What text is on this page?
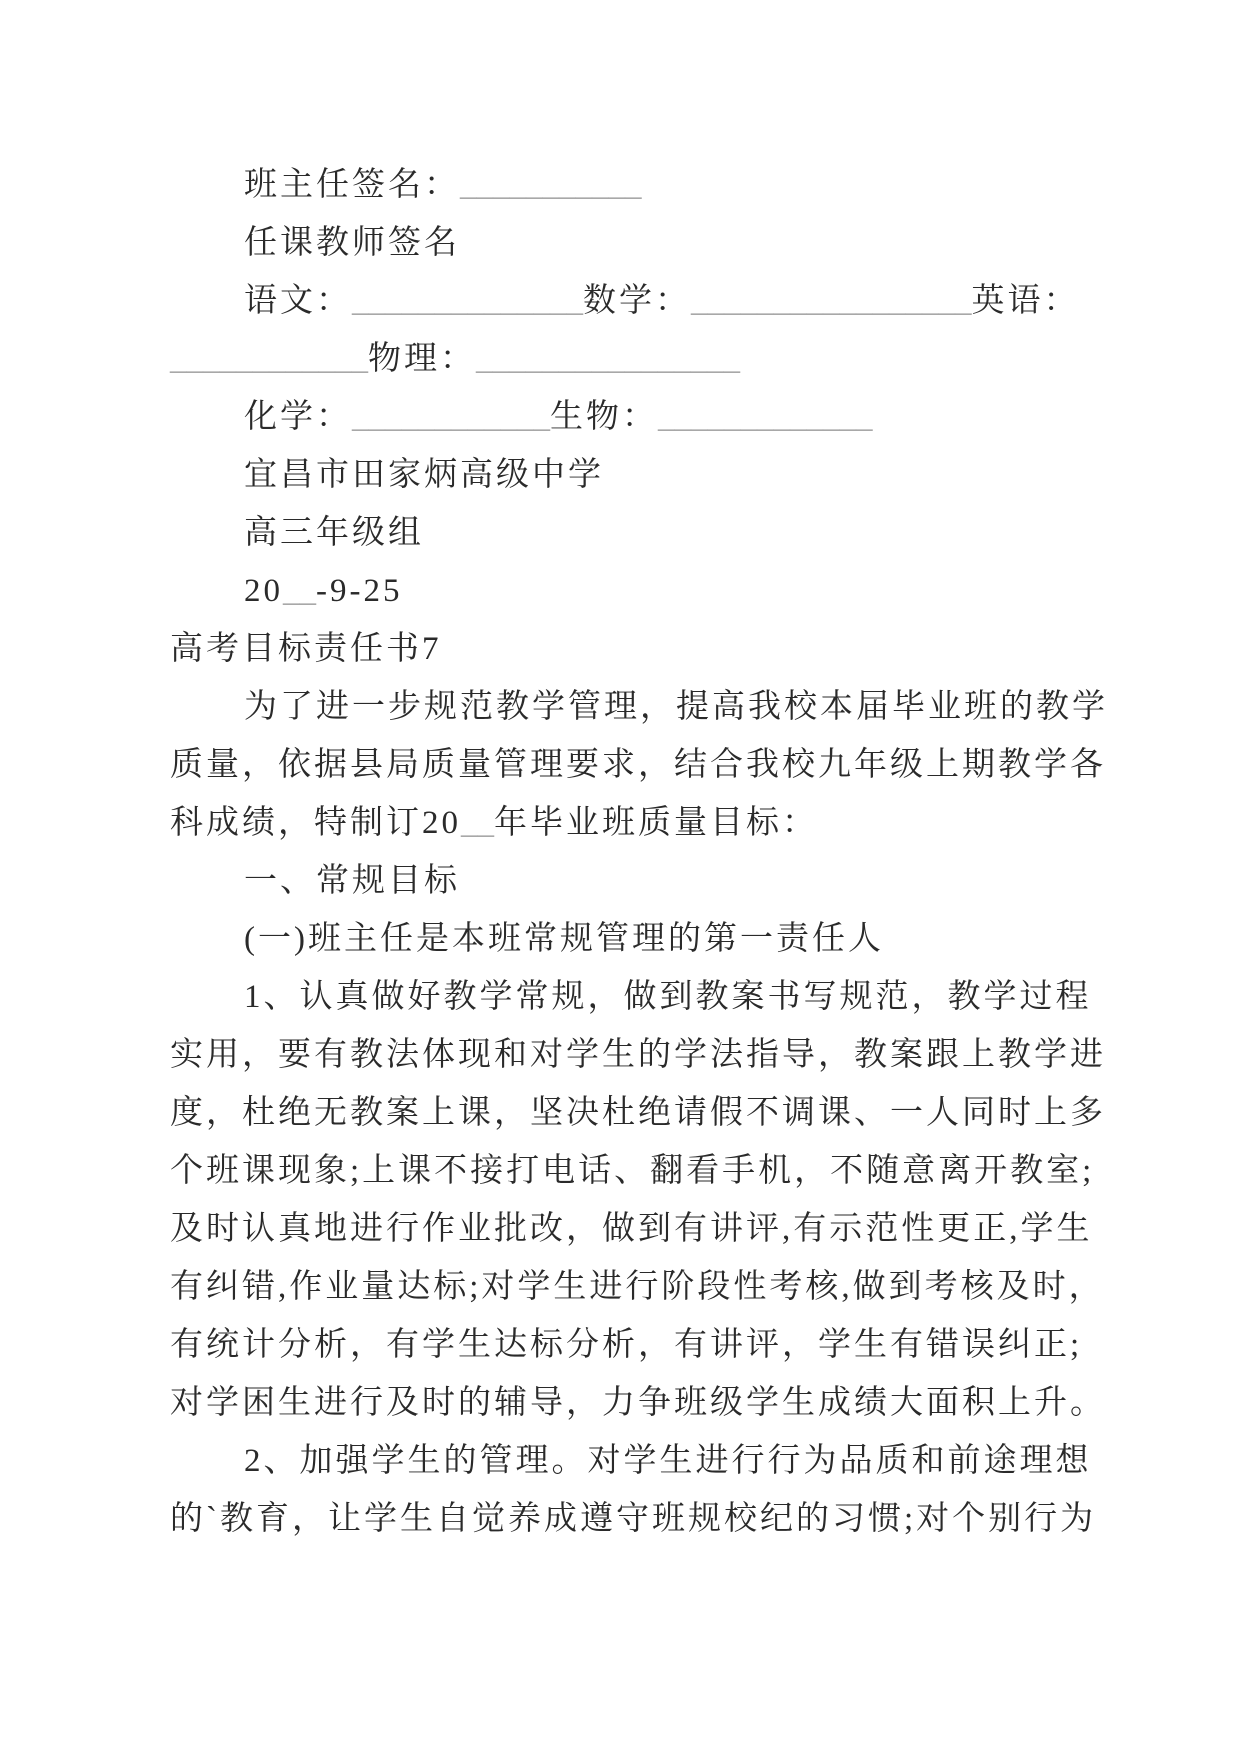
班主任签名：___________
任课教师签名
语文：______________数学：_________________英语：
____________物理：________________
化学：____________生物：_____________
宜昌市田家炳高级中学
高三年级组
20__-9-25
高考目标责任书7
为了进一步规范教学管理，提高我校本届毕业班的教学
质量，依据县局质量管理要求，结合我校九年级上期教学各
科成绩，特制订20__年毕业班质量目标：
一、常规目标
(一)班主任是本班常规管理的第一责任人
1、认真做好教学常规，做到教案书写规范，教学过程
实用，要有教法体现和对学生的学法指导，教案跟上教学进
度，杜绝无教案上课，坚决杜绝请假不调课、一人同时上多
个班课现象;上课不接打电话、翻看手机，不随意离开教室;
及时认真地进行作业批改，做到有讲评,有示范性更正,学生
有纠错,作业量达标;对学生进行阶段性考核,做到考核及时，
有统计分析，有学生达标分析，有讲评，学生有错误纠正;
对学困生进行及时的辅导，力争班级学生成绩大面积上升。
2、加强学生的管理。对学生进行行为品质和前途理想
的`教育，让学生自觉养成遵守班规校纪的习惯;对个别行为
